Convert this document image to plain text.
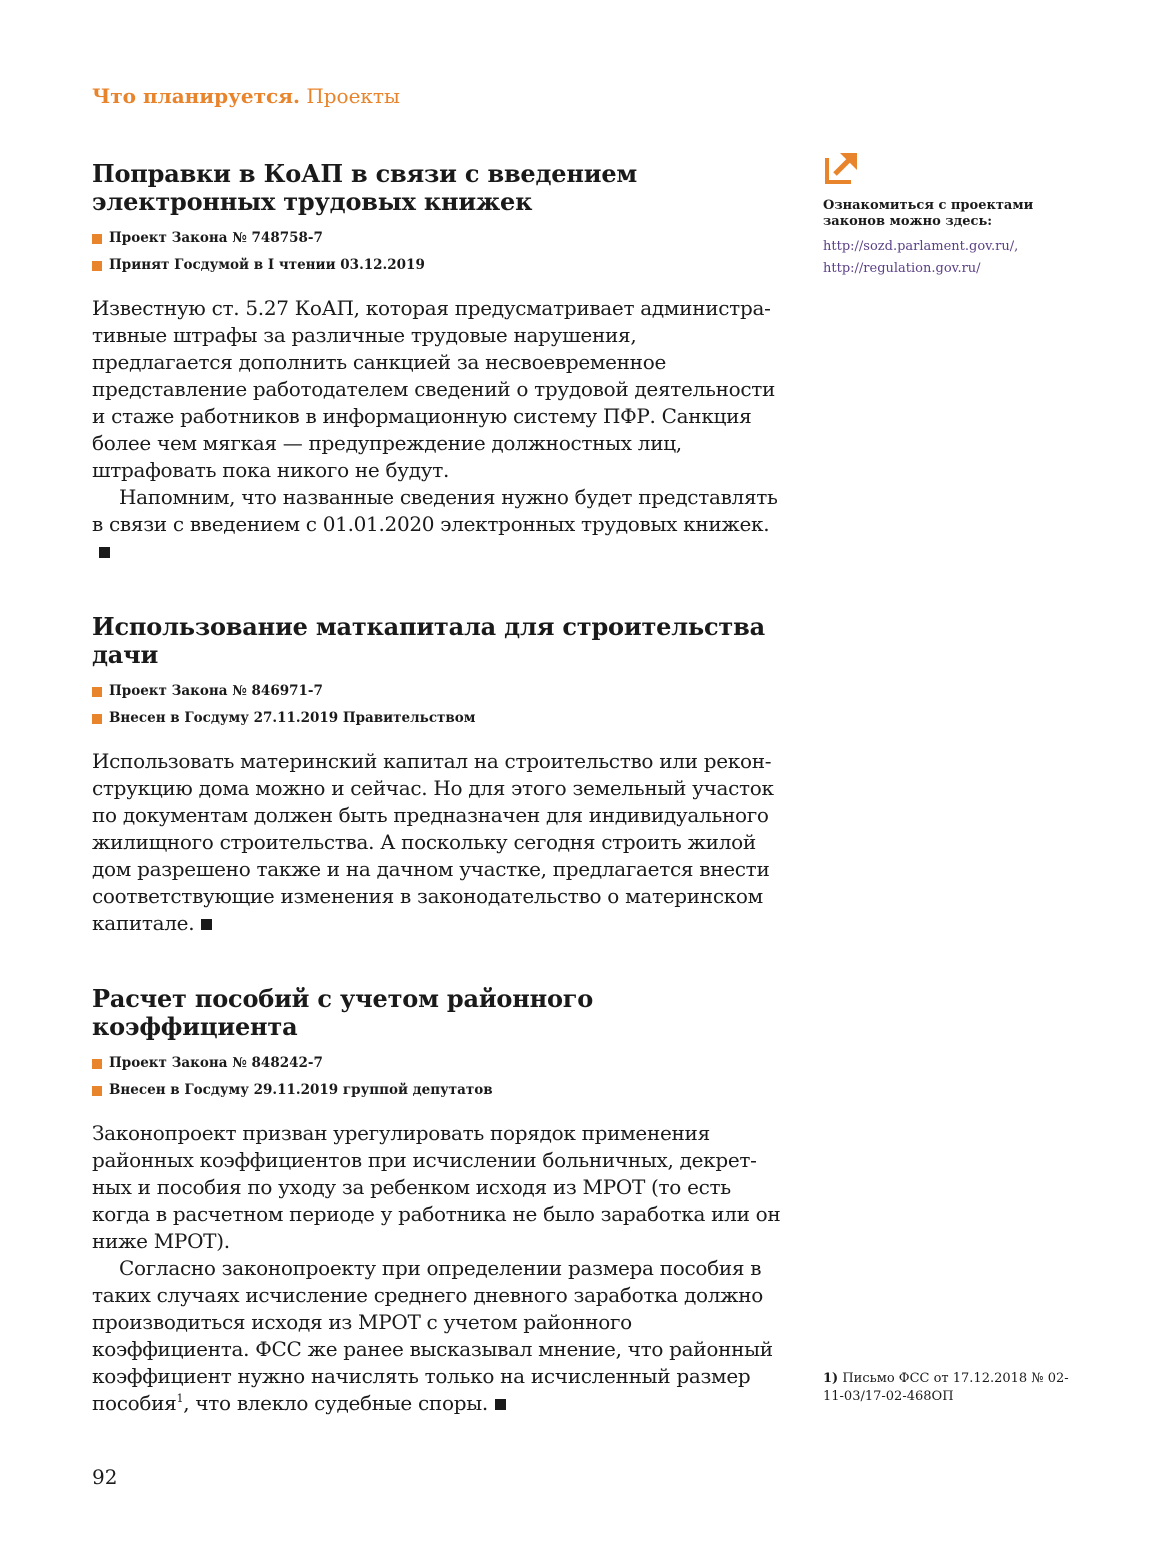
Что планируется. Проекты
Поправки в КоАП в связи с введением электронных трудовых книжек
Проект Закона № 748758-7
Принят Госдумой в I чтении 03.12.2019

Известную ст. 5.27 КоАП, которая предусматривает административные штрафы за различные трудовые нарушения, предлагается дополнить санкцией за несвоевременное представление работодателем сведений о трудовой деятельности и стаже работников в информационную систему ПФР. Санкция более чем мягкая — предупреждение должностных лиц, штрафовать пока никого не будут.

Напомним, что названные сведения нужно будет представлять в связи с введением с 01.01.2020 электронных трудовых книжек.

Использование маткапитала для строительства дачи
Проект Закона № 846971-7
Внесен в Госдуму 27.11.2019 Правительством

Использовать материнский капитал на строительство или реконструкцию дома можно и сейчас. Но для этого земельный участок по документам должен быть предназначен для индивидуального жилищного строительства. А поскольку сегодня строить жилой дом разрешено также и на дачном участке, предлагается внести соответствующие изменения в законодательство о материнском капитале.

Расчет пособий с учетом районного коэффициента
Проект Закона № 848242-7
Внесен в Госдуму 29.11.2019 группой депутатов

Законопроект призван урегулировать порядок применения районных коэффициентов при исчислении больничных, декретных и пособия по уходу за ребенком исходя из МРОТ (то есть когда в расчетном периоде у работника не было заработка или он ниже МРОТ).

Согласно законопроекту при определении размера пособия в таких случаях исчисление среднего дневного заработка должно производиться исходя из МРОТ с учетом районного коэффициента. ФСС же ранее высказывал мнение, что районный коэффициент нужно начислять только на исчисленный размер пособия$^1$, что влекло судебные споры.

Ознакомиться с проектами законов можно здесь:
http://sozd.parlament.gov.ru/,
http://regulation.gov.ru/
1) Письмо ФСС от 17.12.2018 № 02-11-03/17-02-468ОП
92
